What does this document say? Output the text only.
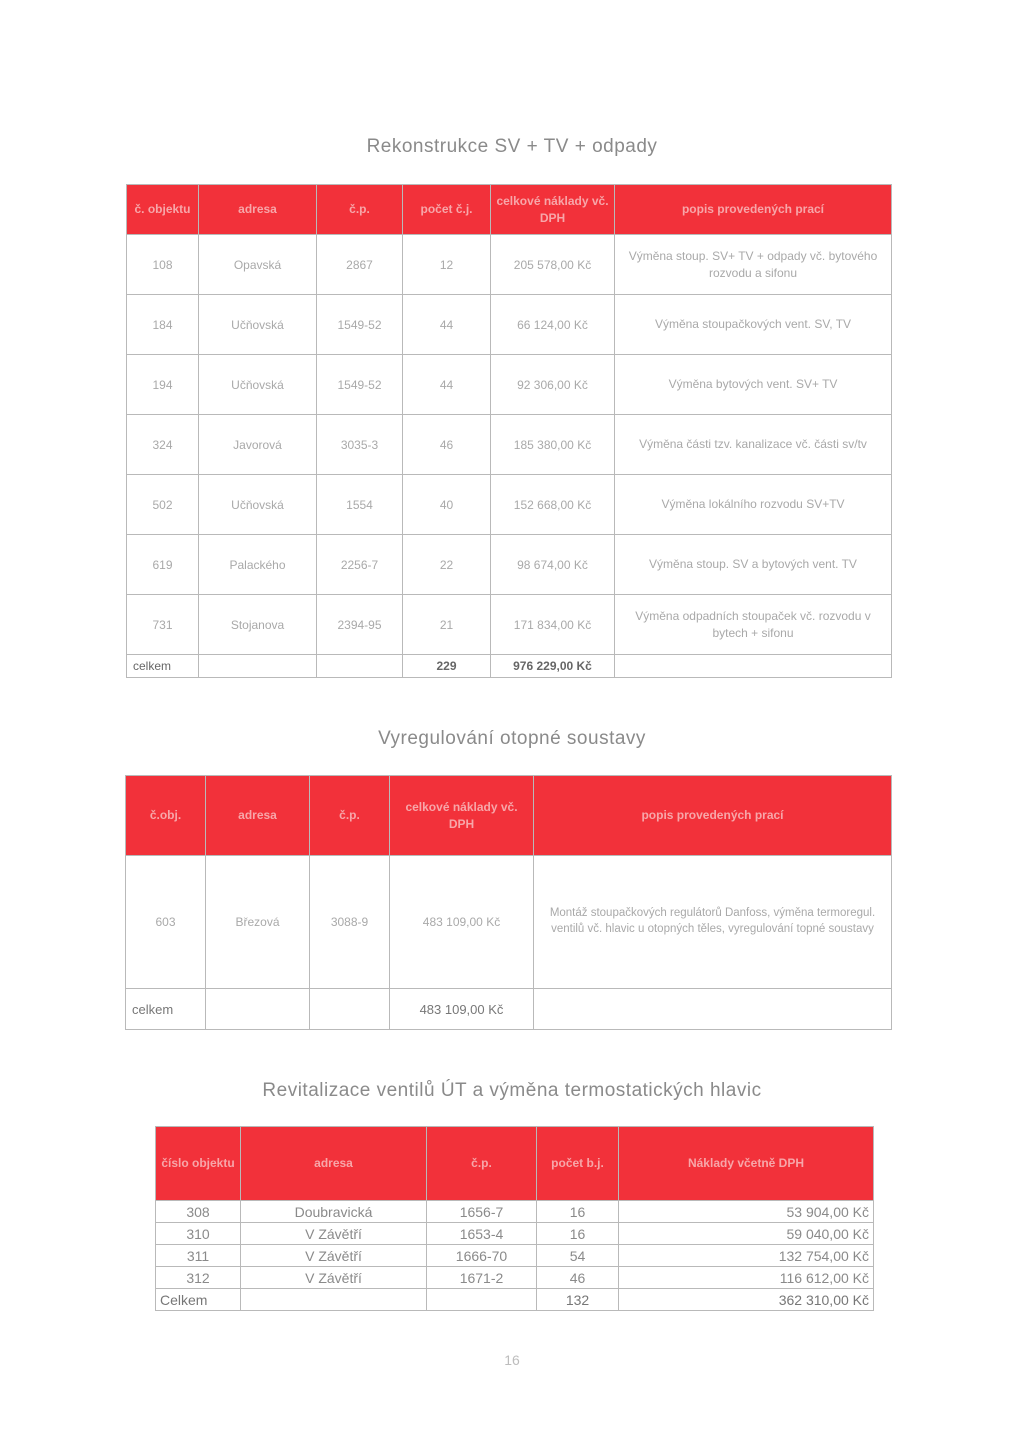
Rekonstrukce SV + TV + odpady
č. objektu	adresa	č.p.	počet č.j.	celkové náklady vč. DPH	popis provedených prací
108	Opavská	2867	12	205 578,00 Kč	Výměna stoup. SV+ TV + odpady vč. bytového rozvodu a sifonu
184	Učňovská	1549-52	44	66 124,00 Kč	Výměna stoupačkových vent. SV, TV
194	Učňovská	1549-52	44	92 306,00 Kč	Výměna bytových vent. SV+ TV
324	Javorová	3035-3	46	185 380,00 Kč	Výměna části tzv. kanalizace vč. části sv/tv
502	Učňovská	1554	40	152 668,00 Kč	Výměna lokálního rozvodu SV+TV
619	Palackého	2256-7	22	98 674,00 Kč	Výměna stoup. SV a bytových vent. TV
731	Stojanova	2394-95	21	171 834,00 Kč	Výměna odpadních stoupaček vč. rozvodu v bytech + sifonu
celkem			229	976 229,00 Kč	
Vyregulování otopné soustavy
č.obj.	adresa	č.p.	celkové náklady vč. DPH	popis provedených prací
603	Březová	3088-9	483 109,00 Kč	Montáž stoupačkových regulátorů Danfoss, výměna termoregul. ventilů vč. hlavic u otopných těles, vyregulování topné soustavy
celkem			483 109,00 Kč	
Revitalizace ventilů ÚT a výměna termostatických hlavic
číslo objektu	adresa	č.p.	počet b.j.	Náklady včetně DPH
308	Doubravická	1656-7	16	53 904,00 Kč
310	V Závětří	1653-4	16	59 040,00 Kč
311	V Závětří	1666-70	54	132 754,00 Kč
312	V Závětří	1671-2	46	116 612,00 Kč
Celkem			132	362 310,00 Kč
16
